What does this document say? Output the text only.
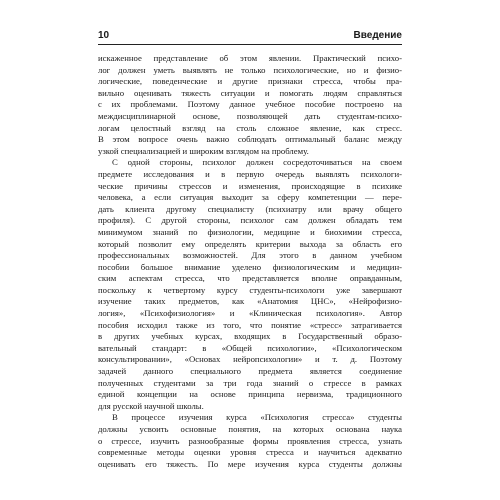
10	Введение

искаженное представление об этом явлении. Практический психо-
лог должен уметь выявлять не только психологические, но и физио-
логические, поведенческие и другие признаки стресса, чтобы пра-
вильно оценивать тяжесть ситуации и помогать людям справляться
с их проблемами. Поэтому данное учебное пособие построено на
междисциплинарной основе, позволяющей дать студентам-психо-
логам целостный взгляд на столь сложное явление, как стресс.
В этом вопросе очень важно соблюдать оптимальный баланс между
узкой специализацией и широким взглядом на проблему.

С одной стороны, психолог должен сосредоточиваться на своем
предмете исследования и в первую очередь выявлять психологи-
ческие причины стрессов и изменения, происходящие в психике
человека, а если ситуация выходит за сферу компетенции — пере-
дать клиента другому специалисту (психиатру или врачу общего
профиля). С другой стороны, психолог сам должен обладать тем
минимумом знаний по физиологии, медицине и биохимии стресса,
который позволит ему определять критерии выхода за область его
профессиональных возможностей. Для этого в данном учебном
пособии большое внимание уделено физиологическим и медицин-
ским аспектам стресса, что представляется вполне оправданным,
поскольку к четвертому курсу студенты-психологи уже завершают
изучение таких предметов, как «Анатомия ЦНС», «Нейрофизио-
логия», «Психофизиология» и «Клиническая психология». Автор
пособия исходил также из того, что понятие «стресс» затрагивается
в других учебных курсах, входящих в Государственный образо-
вательный стандарт: в «Общей психологии», «Психологическом
консультировании», «Основах нейропсихологии» и т. д. Поэтому
задачей данного специального предмета является соединение
полученных студентами за три года знаний о стрессе в рамках
единой концепции на основе принципа нервизма, традиционного
для русской научной школы.

В процессе изучения курса «Психология стресса» студенты
должны усвоить основные понятия, на которых основана наука
о стрессе, изучить разнообразные формы проявления стресса, узнать
современные методы оценки уровня стресса и научиться адекватно
оценивать его тяжесть. По мере изучения курса студенты должны
